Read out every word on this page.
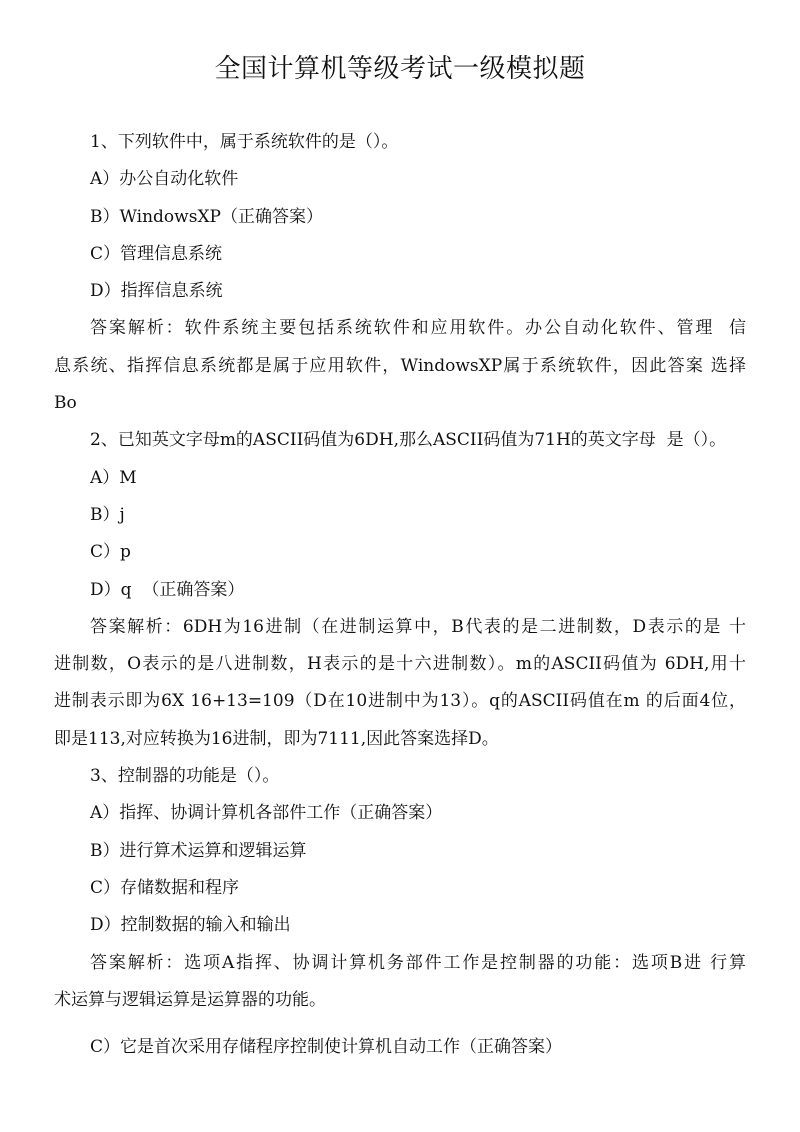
全国计算机等级考试一级模拟题
1、下列软件中，属于系统软件的是（）。
A）办公自动化软件
B）WindowsXP（正确答案）
C）管理信息系统
D）指挥信息系统
答案解析：软件系统主要包括系统软件和应用软件。办公自动化软件、管理  信
息系统、指挥信息系统都是属于应用软件，WindowsXP属于系统软件，因此答案 选择
Bo
2、已知英文字母m的ASCII码值为6DH,那么ASCII码值为71H的英文字母  是（）。
A）M
B）j
C）p
D）q  （正确答案）
答案解析：6DH为16进制（在进制运算中，B代表的是二进制数，D表示的是 十
进制数，O表示的是八进制数，H表示的是十六进制数）。m的ASCII码值为 6DH,用十
进制表示即为6X 16+13=109（D在10进制中为13）。q的ASCII码值在m 的后面4位，
即是113,对应转换为16进制，即为7111,因此答案选择D。
3、控制器的功能是（）。
A）指挥、协调计算机各部件工作（正确答案）
B）进行算术运算和逻辑运算
C）存储数据和程序
D）控制数据的输入和输出
答案解析：选项A指挥、协调计算机务部件工作是控制器的功能：选项B进 行算
术运算与逻辑运算是运算器的功能。
C）它是首次采用存储程序控制使计算机自动工作（正确答案）
